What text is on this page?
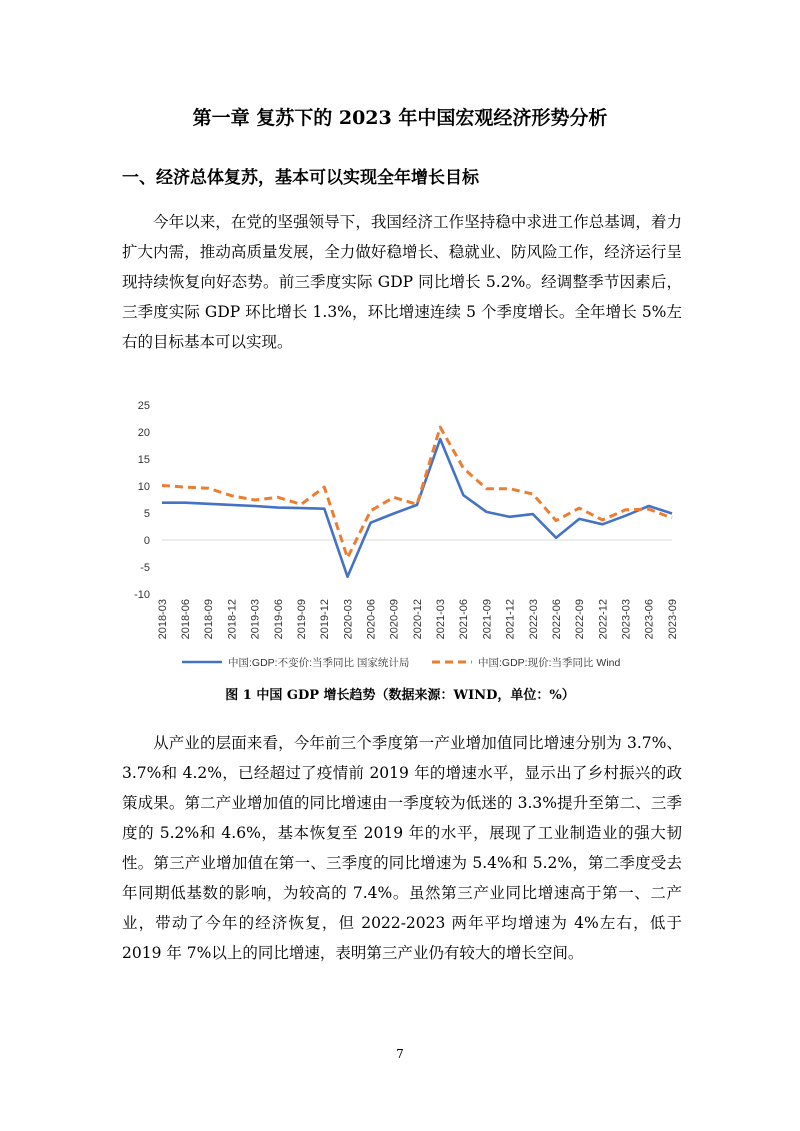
第一章 复苏下的 2023 年中国宏观经济形势分析
一、经济总体复苏，基本可以实现全年增长目标

今年以来，在党的坚强领导下，我国经济工作坚持稳中求进工作总基调，着力扩大内需，推动高质量发展，全力做好稳增长、稳就业、防风险工作，经济运行呈现持续恢复向好态势。前三季度实际 GDP 同比增长 5.2%。经调整季节因素后，三季度实际 GDP 环比增长 1.3%，环比增速连续 5 个季度增长。全年增长 5%左右的目标基本可以实现。

-10
-5
0
5
10
15
20
25
2018-03 2018-06 2018-09 2018-12 2019-03 2019-06 2019-09 2019-12 2020-03 2020-06 2020-09 2020-12 2021-03 2021-06 2021-09 2021-12 2022-03 2022-06 2022-09 2022-12 2023-03 2023-06 2023-09
中国:GDP:不变价:当季同比 国家统计局	中国:GDP:现价:当季同比 Wind
图 1 中国 GDP 增长趋势（数据来源：WIND，单位：%）

从产业的层面来看，今年前三个季度第一产业增加值同比增速分别为 3.7%、3.7%和 4.2%，已经超过了疫情前 2019 年的增速水平，显示出了乡村振兴的政策成果。第二产业增加值的同比增速由一季度较为低迷的 3.3%提升至第二、三季度的 5.2%和 4.6%，基本恢复至 2019 年的水平，展现了工业制造业的强大韧性。第三产业增加值在第一、三季度的同比增速为 5.4%和 5.2%，第二季度受去年同期低基数的影响，为较高的 7.4%。虽然第三产业同比增速高于第一、二产业，带动了今年的经济恢复，但 2022-2023 两年平均增速为 4%左右，低于 2019 年 7%以上的同比增速，表明第三产业仍有较大的增长空间。

7
